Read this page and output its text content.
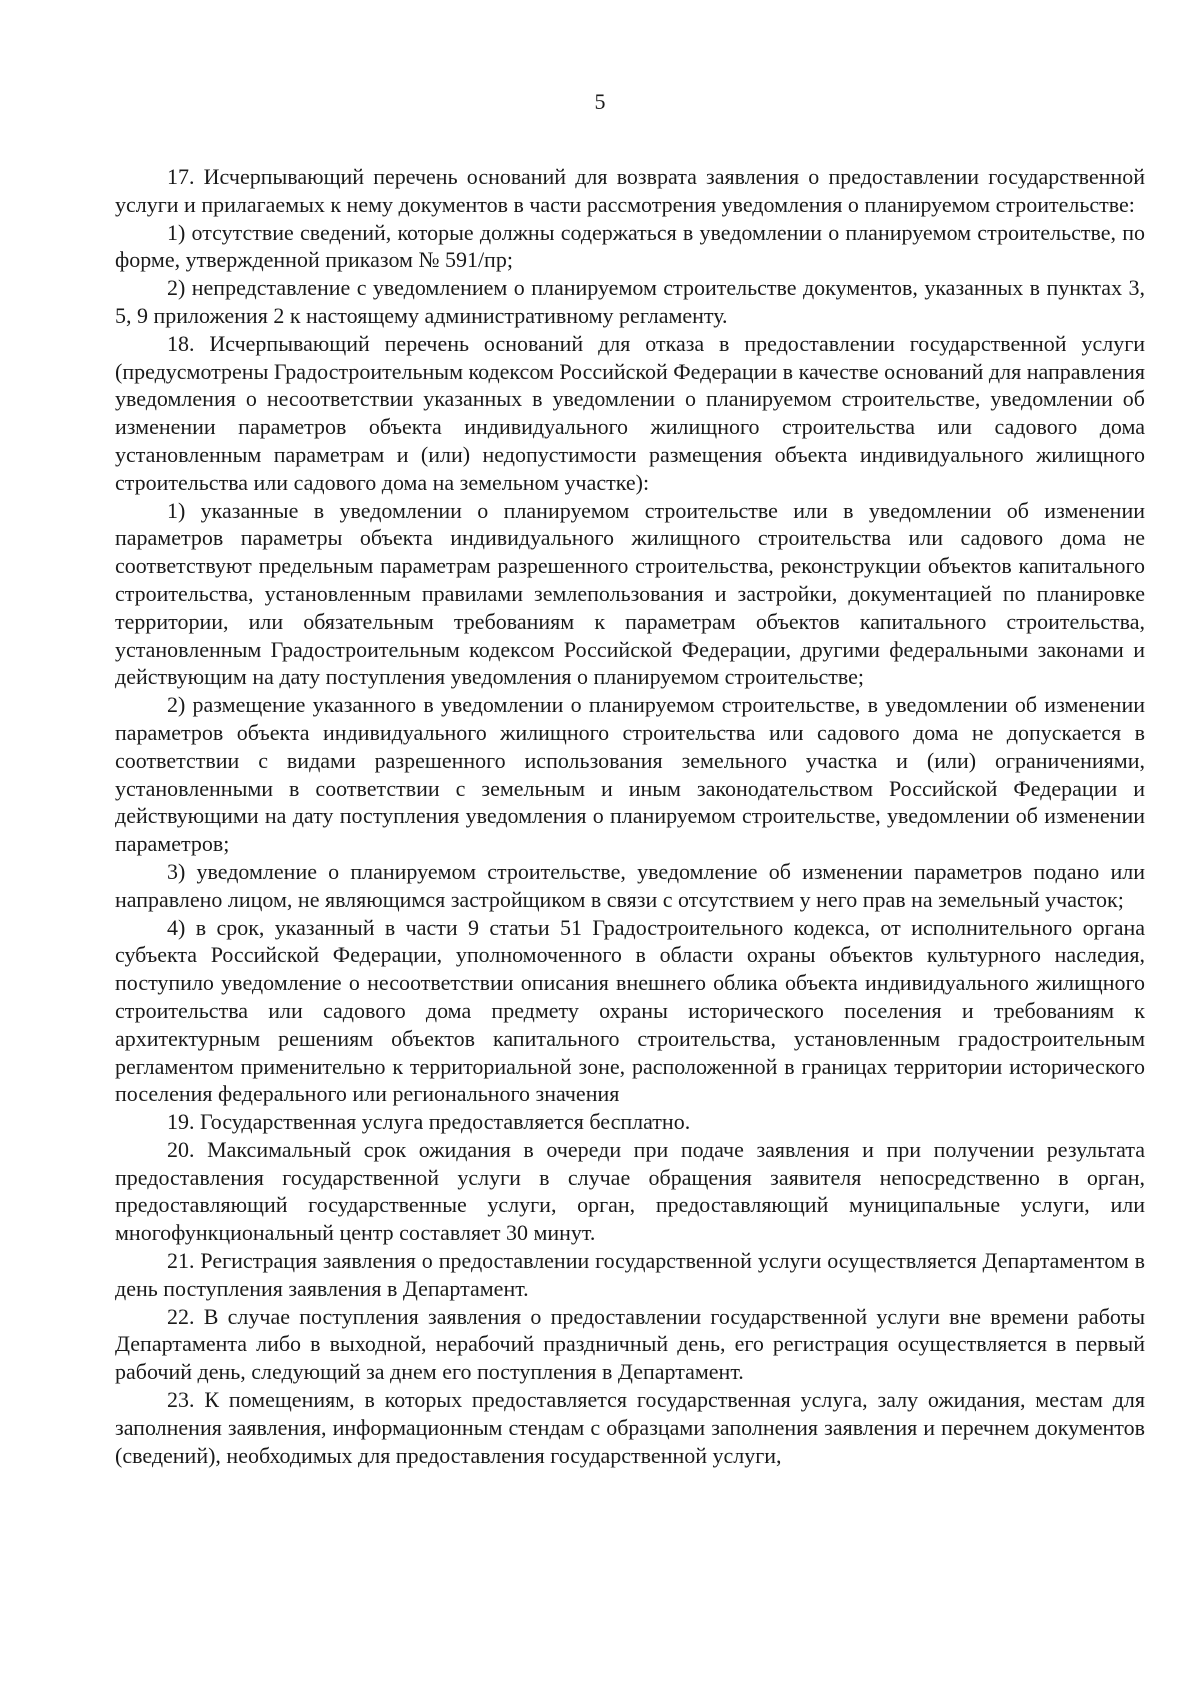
5

17. Исчерпывающий перечень оснований для возврата заявления о предоставлении государственной услуги и прилагаемых к нему документов в части рассмотрения уведомления о планируемом строительстве:

1) отсутствие сведений, которые должны содержаться в уведомлении о планируемом строительстве, по форме, утвержденной приказом № 591/пр;

2) непредставление с уведомлением о планируемом строительстве документов, указанных в пунктах 3, 5, 9 приложения 2 к настоящему административному регламенту.

18. Исчерпывающий перечень оснований для отказа в предоставлении государственной услуги (предусмотрены Градостроительным кодексом Российской Федерации в качестве оснований для направления уведомления о несоответствии указанных в уведомлении о планируемом строительстве, уведомлении об изменении параметров объекта индивидуального жилищного строительства или садового дома установленным параметрам и (или) недопустимости размещения объекта индивидуального жилищного строительства или садового дома на земельном участке):

1) указанные в уведомлении о планируемом строительстве или в уведомлении об изменении параметров параметры объекта индивидуального жилищного строительства или садового дома не соответствуют предельным параметрам разрешенного строительства, реконструкции объектов капитального строительства, установленным правилами землепользования и застройки, документацией по планировке территории, или обязательным требованиям к параметрам объектов капитального строительства, установленным Градостроительным кодексом Российской Федерации, другими федеральными законами и действующим на дату поступления уведомления о планируемом строительстве;

2) размещение указанного в уведомлении о планируемом строительстве, в уведомлении об изменении параметров объекта индивидуального жилищного строительства или садового дома не допускается в соответствии с видами разрешенного использования земельного участка и (или) ограничениями, установленными в соответствии с земельным и иным законодательством Российской Федерации и действующими на дату поступления уведомления о планируемом строительстве, уведомлении об изменении параметров;

3) уведомление о планируемом строительстве, уведомление об изменении параметров подано или направлено лицом, не являющимся застройщиком в связи с отсутствием у него прав на земельный участок;

4) в срок, указанный в части 9 статьи 51 Градостроительного кодекса, от исполнительного органа субъекта Российской Федерации, уполномоченного в области охраны объектов культурного наследия, поступило уведомление о несоответствии описания внешнего облика объекта индивидуального жилищного строительства или садового дома предмету охраны исторического поселения и требованиям к архитектурным решениям объектов капитального строительства, установленным градостроительным регламентом применительно к территориальной зоне, расположенной в границах территории исторического поселения федерального или регионального значения

19. Государственная услуга предоставляется бесплатно.

20. Максимальный срок ожидания в очереди при подаче заявления и при получении результата предоставления государственной услуги в случае обращения заявителя непосредственно в орган, предоставляющий государственные услуги, орган, предоставляющий муниципальные услуги, или многофункциональный центр составляет 30 минут.

21. Регистрация заявления о предоставлении государственной услуги осуществляется Департаментом в день поступления заявления в Департамент.

22. В случае поступления заявления о предоставлении государственной услуги вне времени работы Департамента либо в выходной, нерабочий праздничный день, его регистрация осуществляется в первый рабочий день, следующий за днем его поступления в Департамент.

23. К помещениям, в которых предоставляется государственная услуга, залу ожидания, местам для заполнения заявления, информационным стендам с образцами заполнения заявления и перечнем документов (сведений), необходимых для предоставления государственной услуги,
